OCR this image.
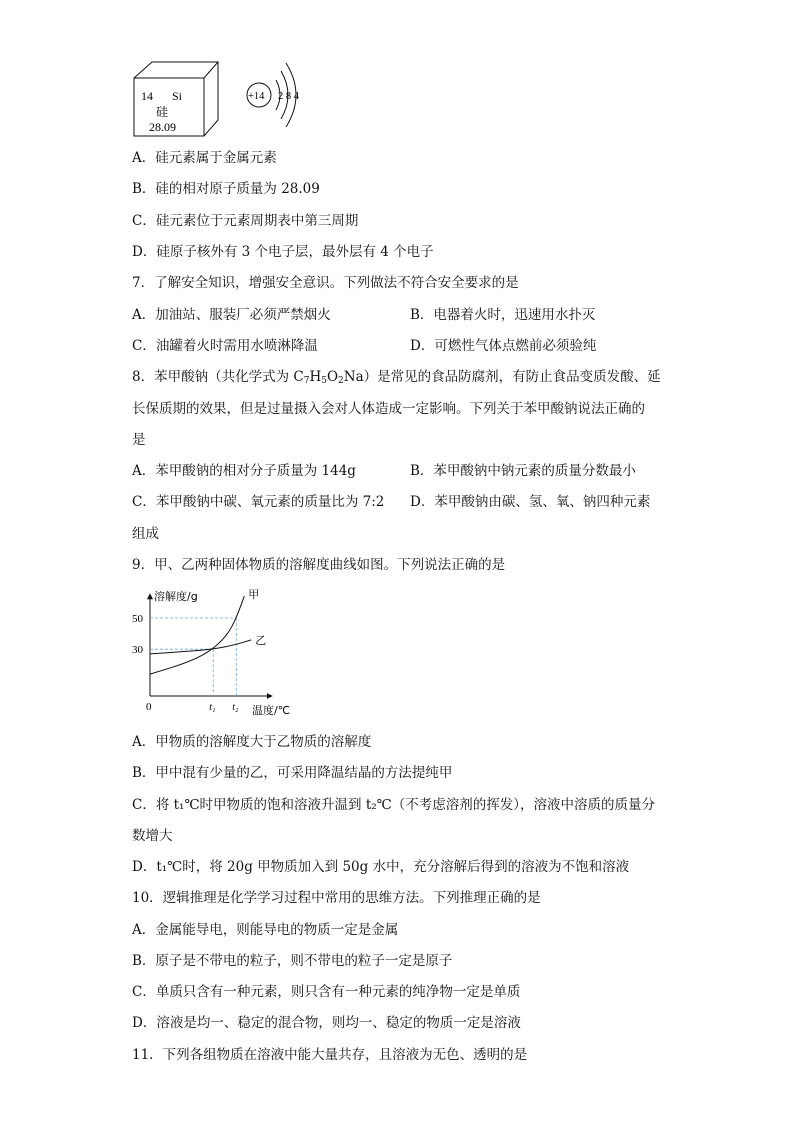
14 Si
硅
28.09
+14 2 8 4
A．硅元素属于金属元素
B．硅的相对原子质量为 28.09
C．硅元素位于元素周期表中第三周期
D．硅原子核外有 3 个电子层，最外层有 4 个电子
7．了解安全知识，增强安全意识。下列做法不符合安全要求的是
A．加油站、服装厂必须严禁烟火	B．电器着火时，迅速用水扑灭
C．油罐着火时需用水喷淋降温	D．可燃性气体点燃前必须验纯
8．苯甲酸钠（共化学式为 $C_7H_5O_2Na$）是常见的食品防腐剂，有防止食品变质发酸、延
长保质期的效果，但是过量摄入会对人体造成一定影响。下列关于苯甲酸钠说法正确的
是
A．苯甲酸钠的相对分子质量为 144g	B．苯甲酸钠中钠元素的质量分数最小
C．苯甲酸钠中碳、氧元素的质量比为 7:2 D．苯甲酸钠由碳、氢、氧、钠四种元素
组成
9．甲、乙两种固体物质的溶解度曲线如图。下列说法正确的是
溶解度/g
温度/℃
0
30
50
t₁ t₂
甲
乙
A．甲物质的溶解度大于乙物质的溶解度
B．甲中混有少量的乙，可采用降温结晶的方法提纯甲
C．将 t₁℃时甲物质的饱和溶液升温到 t₂℃（不考虑溶剂的挥发），溶液中溶质的质量分
数增大
D．t₁℃时，将 20g 甲物质加入到 50g 水中，充分溶解后得到的溶液为不饱和溶液
10．逻辑推理是化学学习过程中常用的思维方法。下列推理正确的是
A．金属能导电，则能导电的物质一定是金属
B．原子是不带电的粒子，则不带电的粒子一定是原子
C．单质只含有一种元素，则只含有一种元素的纯净物一定是单质
D．溶液是均一、稳定的混合物，则均一、稳定的物质一定是溶液
11．下列各组物质在溶液中能大量共存，且溶液为无色、透明的是
